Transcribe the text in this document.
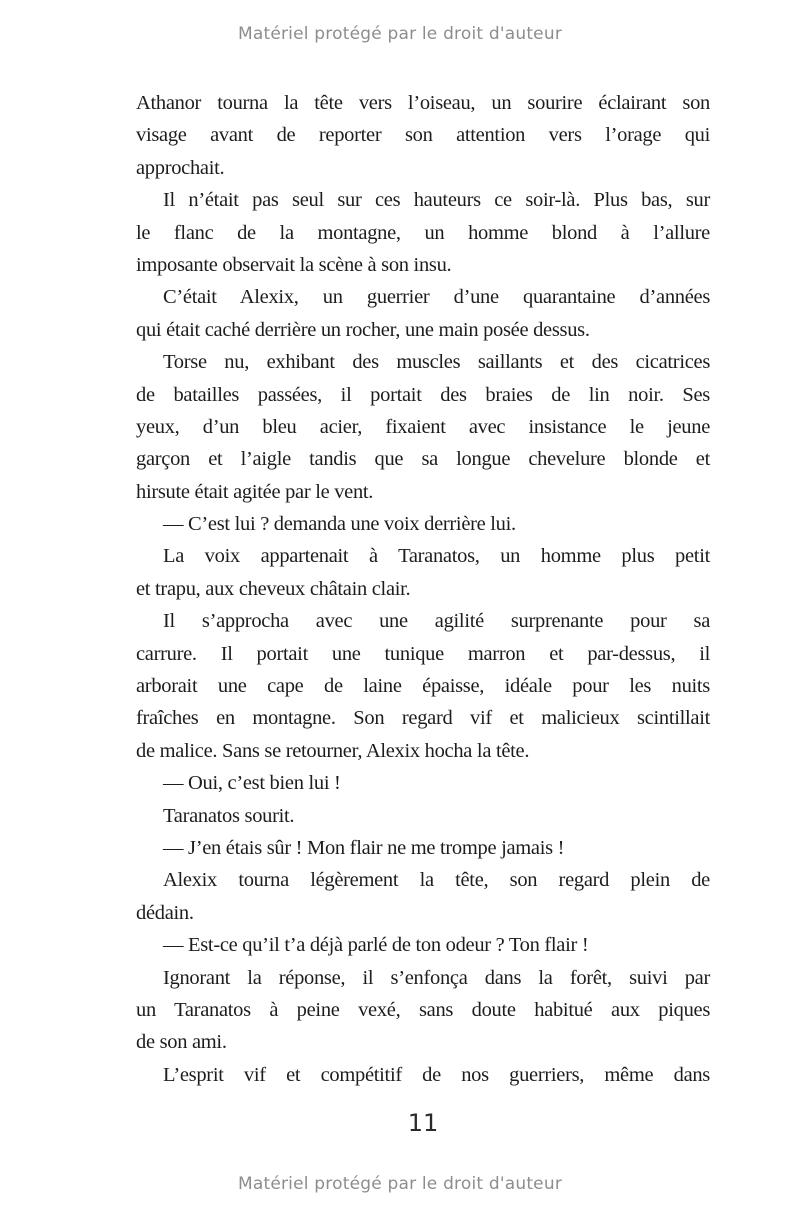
Matériel protégé par le droit d'auteur
Athanor tourna la tête vers l’oiseau, un sourire éclairant son
visage avant de reporter son attention vers l’orage qui
approchait.
Il n’était pas seul sur ces hauteurs ce soir-là. Plus bas, sur
le flanc de la montagne, un homme blond à l’allure
imposante observait la scène à son insu.
C’était Alexix, un guerrier d’une quarantaine d’années
qui était caché derrière un rocher, une main posée dessus.
Torse nu, exhibant des muscles saillants et des cicatrices
de batailles passées, il portait des braies de lin noir. Ses
yeux, d’un bleu acier, fixaient avec insistance le jeune
garçon et l’aigle tandis que sa longue chevelure blonde et
hirsute était agitée par le vent.
— C’est lui ? demanda une voix derrière lui.
La voix appartenait à Taranatos, un homme plus petit
et trapu, aux cheveux châtain clair.
Il s’approcha avec une agilité surprenante pour sa
carrure. Il portait une tunique marron et par-dessus, il
arborait une cape de laine épaisse, idéale pour les nuits
fraîches en montagne. Son regard vif et malicieux scintillait
de malice. Sans se retourner, Alexix hocha la tête.
— Oui, c’est bien lui !
Taranatos sourit.
— J’en étais sûr ! Mon flair ne me trompe jamais !
Alexix tourna légèrement la tête, son regard plein de
dédain.
— Est-ce qu’il t’a déjà parlé de ton odeur ? Ton flair !
Ignorant la réponse, il s’enfonça dans la forêt, suivi par
un Taranatos à peine vexé, sans doute habitué aux piques
de son ami.
L’esprit vif et compétitif de nos guerriers, même dans
11
Matériel protégé par le droit d'auteur
